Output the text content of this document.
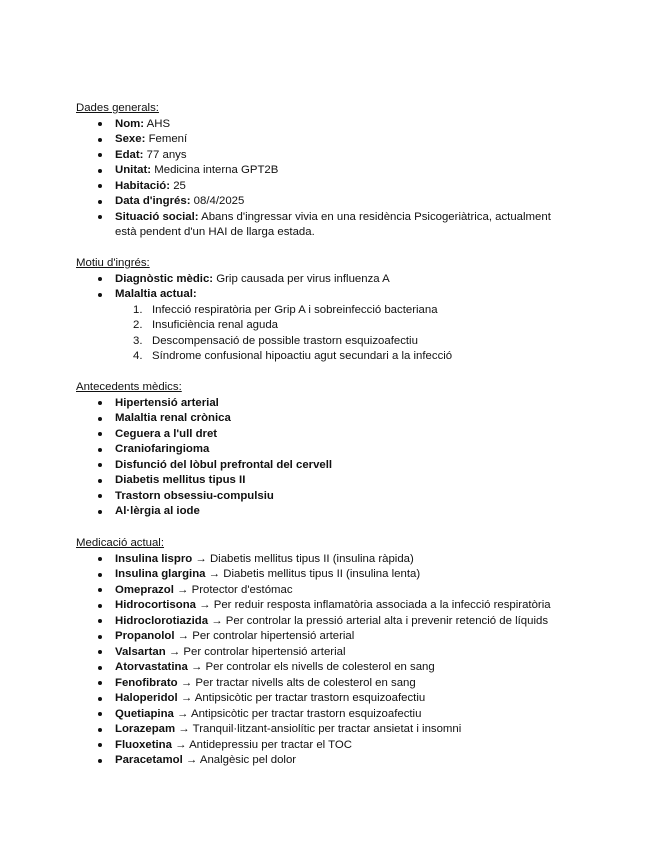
Dades generals:
Nom: AHS
Sexe: Femení
Edat: 77 anys
Unitat: Medicina interna GPT2B
Habitació: 25
Data d'ingrés: 08/4/2025
Situació social: Abans d'ingressar vivia en una residència Psicogeriàtrica, actualment
està pendent d'un HAI de llarga estada.
Motiu d'ingrés:
Diagnòstic mèdic: Grip causada per virus influenza A
Malaltia actual:
1. Infecció respiratòria per Grip A i sobreinfecció bacteriana
2. Insuficiència renal aguda
3. Descompensació de possible trastorn esquizoafectiu
4. Síndrome confusional hipoactiu agut secundari a la infecció
Antecedents mèdics:
Hipertensió arterial
Malaltia renal crònica
Ceguera a l'ull dret
Craniofaringioma
Disfunció del lòbul prefrontal del cervell
Diabetis mellitus tipus II
Trastorn obsessiu-compulsiu
Al·lèrgia al iode
Medicació actual:
Insulina lispro → Diabetis mellitus tipus II (insulina ràpida)
Insulina glargina → Diabetis mellitus tipus II (insulina lenta)
Omeprazol → Protector d'estómac
Hidrocortisona → Per reduir resposta inflamatòria associada a la infecció respiratòria
Hidroclorotiazida → Per controlar la pressió arterial alta i prevenir retenció de líquids
Propanolol → Per controlar hipertensió arterial
Valsartan → Per controlar hipertensió arterial
Atorvastatina → Per controlar els nivells de colesterol en sang
Fenofibrato → Per tractar nivells alts de colesterol en sang
Haloperidol → Antipsicòtic per tractar trastorn esquizoafectiu
Quetiapina → Antipsicòtic per tractar trastorn esquizoafectiu
Lorazepam → Tranquil·litzant-ansiolític per tractar ansietat i insomni
Fluoxetina → Antidepressiu per tractar el TOC
Paracetamol → Analgèsic pel dolor
